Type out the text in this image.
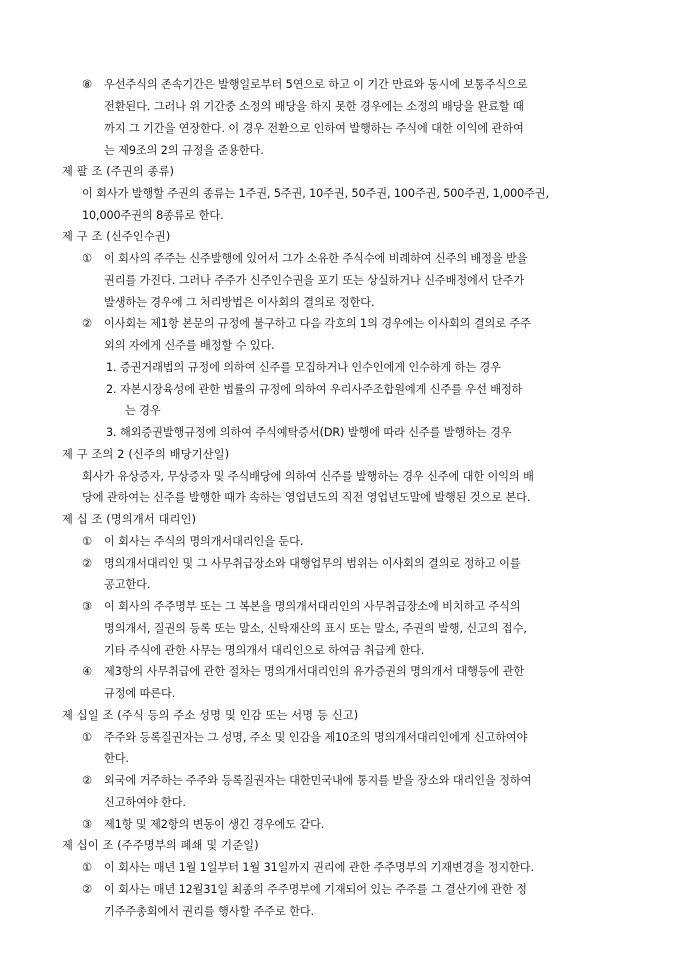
⑧ 우선주식의 존속기간은 발행일로부터 5연으로 하고 이 기간 만료와 동시에 보통주식으로
전환된다. 그러나 위 기간중 소정의 배당을 하지 못한 경우에는 소정의 배당을 완료할 때
까지 그 기간을 연장한다. 이 경우 전환으로 인하여 발행하는 주식에 대한 이익에 관하여
는 제9조의 2의 규정을 준용한다.
제 팔 조 (주권의 종류)
이 회사가 발행할 주권의 종류는 1주권, 5주권, 10주권, 50주권, 100주권, 500주권, 1,000주권,
10,000주권의 8종류로 한다.
제 구 조 (신주인수권)
① 이 회사의 주주는 신주발행에 있어서 그가 소유한 주식수에 비례하여 신주의 배정을 받을
권리를 가진다. 그러나 주주가 신주인수권을 포기 또는 상실하거나 신주배정에서 단주가
발생하는 경우에 그 처리방법은 이사회의 결의로 정한다.
② 이사회는 제1항 본문의 규정에 불구하고 다음 각호의 1의 경우에는 이사회의 결의로 주주
외의 자에게 신주를 배정할 수 있다.
1. 증권거래법의 규정에 의하여 신주를 모집하거나 인수인에게 인수하게 하는 경우
2. 자본시장육성에 관한 법률의 규정에 의하여 우리사주조합원에게 신주를 우선 배정하
는 경우
3. 해외증권발행규정에 의하여 주식예탁증서(DR) 발행에 따라 신주를 발행하는 경우
제 구 조의 2 (신주의 배당기산일)
회사가 유상증자, 무상증자 및 주식배당에 의하여 신주를 발행하는 경우 신주에 대한 이익의 배
당에 관하여는 신주를 발행한 때가 속하는 영업년도의 직전 영업년도말에 발행된 것으로 본다.
제 십 조 (명의개서 대리인)
① 이 회사는 주식의 명의개서대리인을 둔다.
② 명의개서대리인 및 그 사무취급장소와 대행업무의 범위는 이사회의 결의로 정하고 이를
공고한다.
③ 이 회사의 주주명부 또는 그 복본을 명의개서대리인의 사무취급장소에 비치하고 주식의
명의개서, 질권의 등록 또는 말소, 신탁재산의 표시 또는 말소, 주권의 발행, 신고의 접수,
기타 주식에 관한 사무는 명의개서 대리인으로 하여금 취급케 한다.
④ 제3항의 사무취급에 관한 절차는 명의개서대리인의 유가증권의 명의개서 대행등에 관한
규정에 따른다.
제 십일 조 (주식 등의 주소 성명 및 인감 또는 서명 등 신고)
① 주주와 등록질권자는 그 성명, 주소 및 인감을 제10조의 명의개서대리인에게 신고하여야
한다.
② 외국에 거주하는 주주와 등록질권자는 대한민국내에 통지를 받을 장소와 대리인을 정하여
신고하여야 한다.
③ 제1항 및 제2항의 변동이 생긴 경우에도 같다.
제 십이 조 (주주명부의 폐쇄 및 기준일)
① 이 회사는 매년 1월 1일부터 1월 31일까지 권리에 관한 주주명부의 기재변경을 정지한다.
② 이 회사는 매년 12월31일 최종의 주주명부에 기재되어 있는 주주를 그 결산기에 관한 정
기주주총회에서 권리를 행사할 주주로 한다.
